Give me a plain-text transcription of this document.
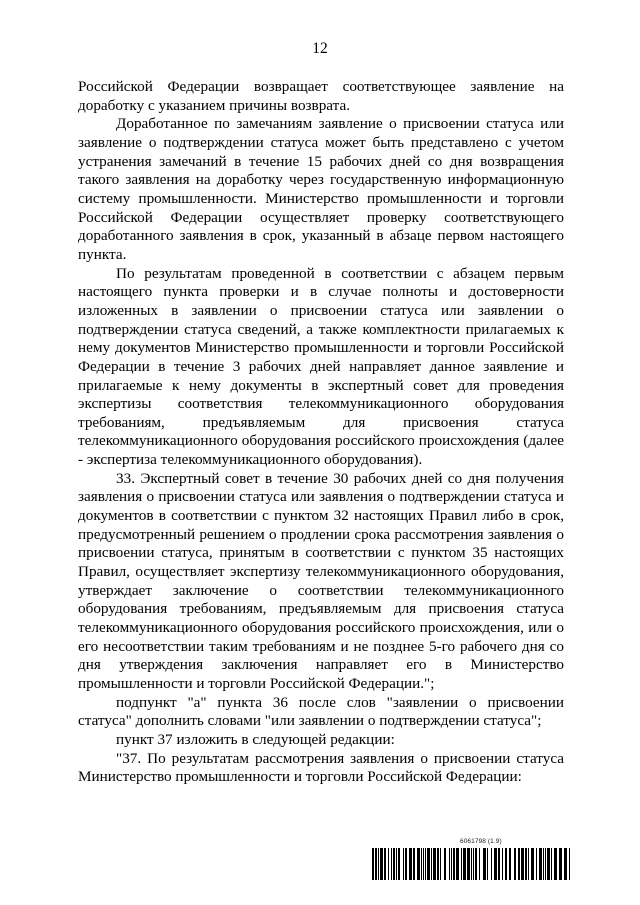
12

Российской Федерации возвращает соответствующее заявление на доработку с указанием причины возврата.

Доработанное по замечаниям заявление о присвоении статуса или заявление о подтверждении статуса может быть представлено с учетом устранения замечаний в течение 15 рабочих дней со дня возвращения такого заявления на доработку через государственную информационную систему промышленности. Министерство промышленности и торговли Российской Федерации осуществляет проверку соответствующего доработанного заявления в срок, указанный в абзаце первом настоящего пункта.

По результатам проведенной в соответствии с абзацем первым настоящего пункта проверки и в случае полноты и достоверности изложенных в заявлении о присвоении статуса или заявлении о подтверждении статуса сведений, а также комплектности прилагаемых к нему документов Министерство промышленности и торговли Российской Федерации в течение 3 рабочих дней направляет данное заявление и прилагаемые к нему документы в экспертный совет для проведения экспертизы соответствия телекоммуникационного оборудования требованиям, предъявляемым для присвоения статуса телекоммуникационного оборудования российского происхождения (далее - экспертиза телекоммуникационного оборудования).

33. Экспертный совет в течение 30 рабочих дней со дня получения заявления о присвоении статуса или заявления о подтверждении статуса и документов в соответствии с пунктом 32 настоящих Правил либо в срок, предусмотренный решением о продлении срока рассмотрения заявления о присвоении статуса, принятым в соответствии с пунктом 35 настоящих Правил, осуществляет экспертизу телекоммуникационного оборудования, утверждает заключение о соответствии телекоммуникационного оборудования требованиям, предъявляемым для присвоения статуса телекоммуникационного оборудования российского происхождения, или о его несоответствии таким требованиям и не позднее 5-го рабочего дня со дня утверждения заключения направляет его в Министерство промышленности и торговли Российской Федерации.";

подпункт "а" пункта 36 после слов "заявлении о присвоении статуса" дополнить словами "или заявлении о подтверждении статуса";

пункт 37 изложить в следующей редакции:

"37. По результатам рассмотрения заявления о присвоении статуса Министерство промышленности и торговли Российской Федерации:

6061798 (1.9)
